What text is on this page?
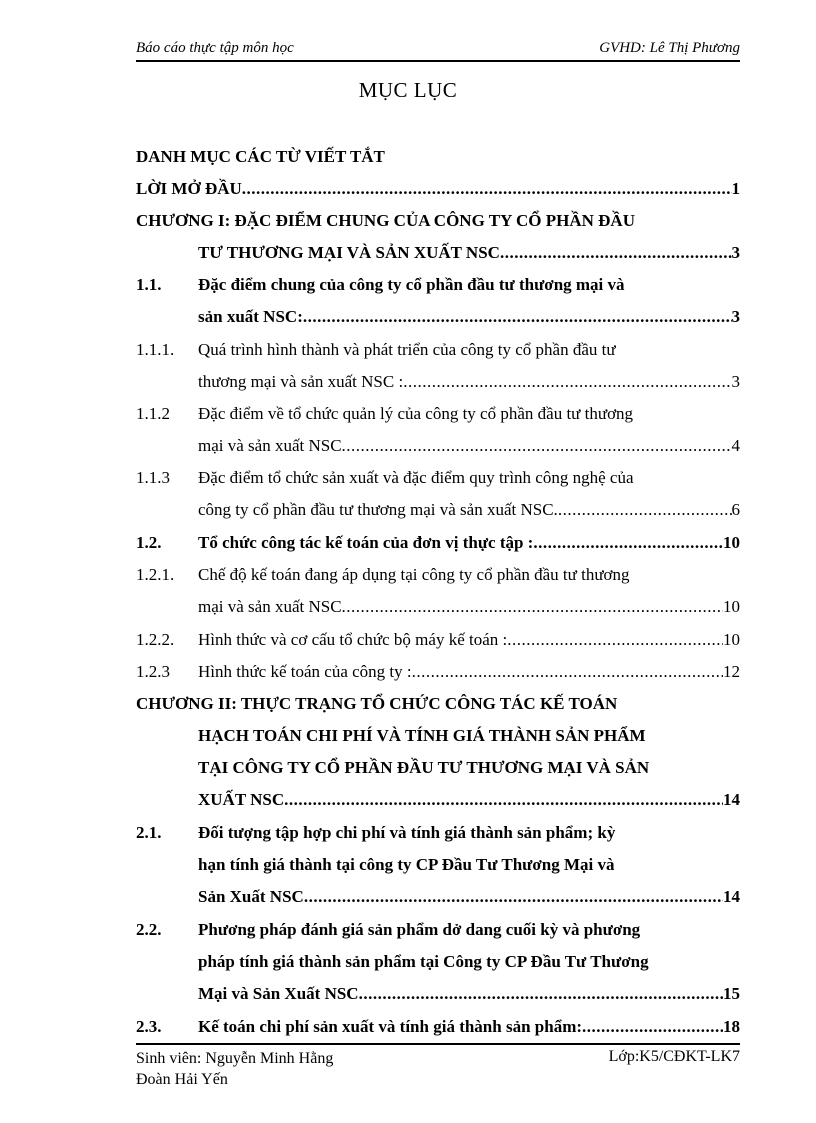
Báo cáo thực tập môn học	GVHD: Lê Thị Phương
MỤC LỤC
DANH MỤC CÁC TỪ VIẾT TẮT
LỜI MỞ ĐẦU .....	1
CHƯƠNG I: ĐẶC ĐIỂM CHUNG CỦA CÔNG TY CỔ PHẦN ĐẦU
TƯ THƯƠNG MẠI VÀ SẢN XUẤT NSC .....	3
1.1. Đặc điểm chung của công ty cổ phần đầu tư thương mại và
sản xuất NSC: .....	3
1.1.1. Quá trình hình thành và phát triển của công ty cổ phần đầu tư
thương mại và sản xuất NSC : .....	3
1.1.2 Đặc điểm về tổ chức quản lý của công ty cổ phần đầu tư thương
mại và sản xuất NSC .....	4
1.1.3 Đặc điểm tổ chức sản xuất và đặc điểm quy trình công nghệ của
công ty cổ phần đầu tư thương mại và sản xuất NSC. .....	6
1.2. Tổ chức công tác kế toán của đơn vị thực tập : .....	10
1.2.1. Chế độ kế toán đang áp dụng tại công ty cổ phần đầu tư thương
mại và sản xuất NSC .....	10
1.2.2. Hình thức và cơ cấu tổ chức bộ máy kế toán : .....	10
1.2.3 Hình thức kế toán của công ty : .....	12
CHƯƠNG II: THỰC TRẠNG TỔ CHỨC CÔNG TÁC KẾ TOÁN
HẠCH TOÁN CHI PHÍ VÀ TÍNH GIÁ THÀNH SẢN PHẨM
TẠI CÔNG TY CỔ PHẦN ĐẦU TƯ THƯƠNG MẠI VÀ SẢN
XUẤT NSC .....	14
2.1. Đối tượng tập hợp chi phí và tính giá thành sản phẩm; kỳ
hạn tính giá thành tại công ty CP Đầu Tư Thương Mại và
Sản Xuất NSC .....	14
2.2. Phương pháp đánh giá sản phẩm dở dang cuối kỳ và phương
pháp tính giá thành sản phẩm tại Công ty CP Đầu Tư Thương
Mại và Sản Xuất NSC .....	15
2.3. Kế toán chi phí sản xuất và tính giá thành sản phẩm: .....	18
Sinh viên: Nguyễn Minh Hằng
Đoàn Hải Yến
Lớp:K5/CĐKT-LK7
